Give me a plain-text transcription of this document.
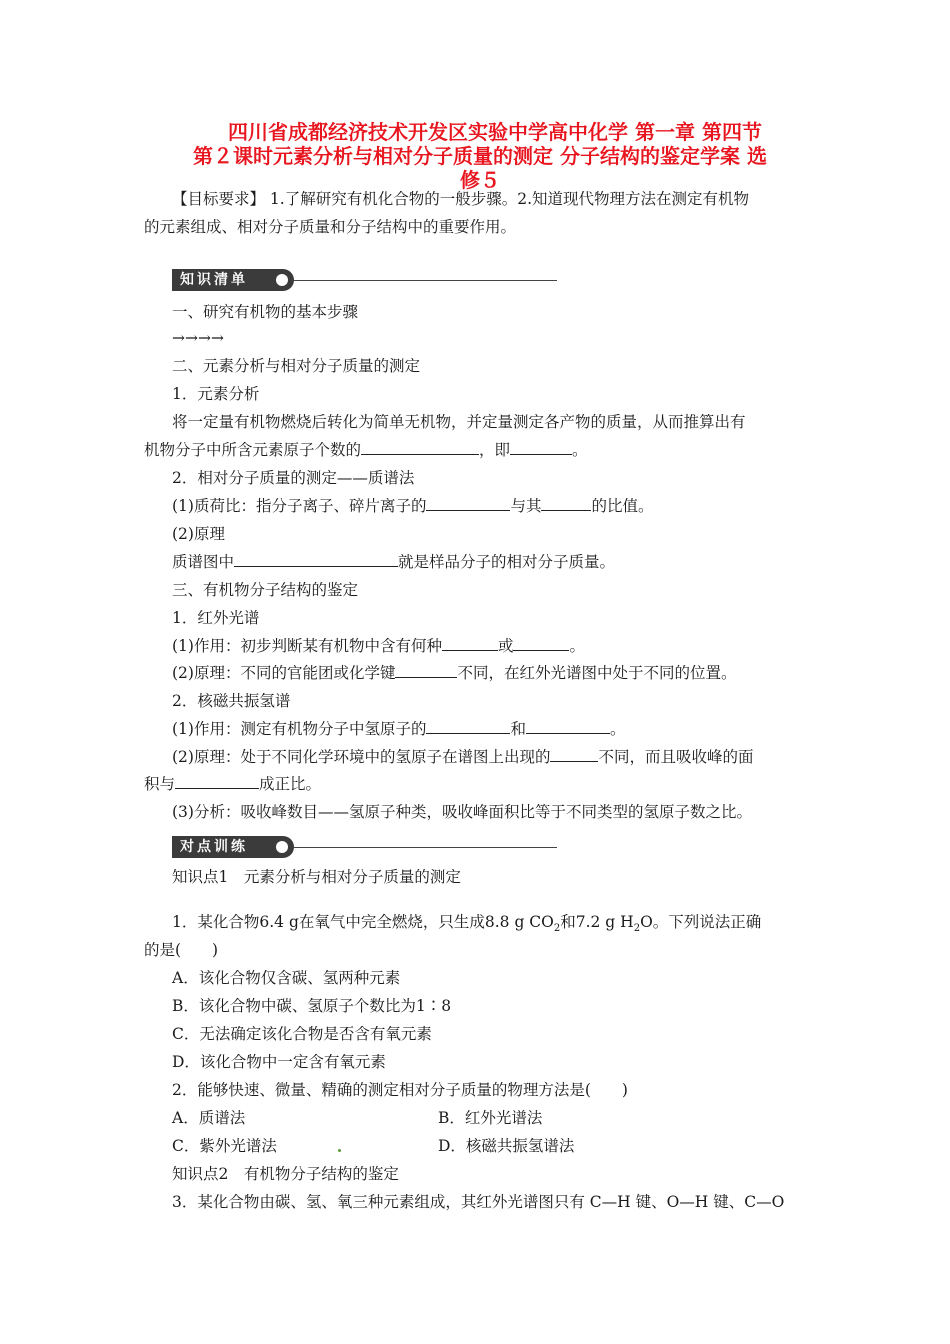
四川省成都经济技术开发区实验中学高中化学 第一章 第四节
第２课时元素分析与相对分子质量的测定 分子结构的鉴定学案 选
修５
【目标要求】 1.了解研究有机化合物的一般步骤。2.知道现代物理方法在测定有机物
的元素组成、相对分子质量和分子结构中的重要作用。
知识清单
一、研究有机物的基本步骤
→→→→
二、元素分析与相对分子质量的测定
1．元素分析
将一定量有机物燃烧后转化为简单无机物，并定量测定各产物的质量，从而推算出有
机物分子中所含元素原子个数的	，即	。
2．相对分子质量的测定——质谱法
(1)质荷比：指分子离子、碎片离子的	与其	的比值。
(2)原理
质谱图中	就是样品分子的相对分子质量。
三、有机物分子结构的鉴定
1．红外光谱
(1)作用：初步判断某有机物中含有何种	或	。
(2)原理：不同的官能团或化学键	不同，在红外光谱图中处于不同的位置。
2．核磁共振氢谱
(1)作用：测定有机物分子中氢原子的	和	。
(2)原理：处于不同化学环境中的氢原子在谱图上出现的	不同，而且吸收峰的面
积与	成正比。
(3)分析：吸收峰数目——氢原子种类，吸收峰面积比等于不同类型的氢原子数之比。
对点训练
知识点1　元素分析与相对分子质量的测定
1．某化合物6.4 g在氧气中完全燃烧，只生成8.8 g $CO_2$和7.2 g $H_2O$。下列说法正确
的是(　　)
A．该化合物仅含碳、氢两种元素
B．该化合物中碳、氢原子个数比为1∶8
C．无法确定该化合物是否含有氧元素
D．该化合物中一定含有氧元素
2．能够快速、微量、精确的测定相对分子质量的物理方法是(　　)
A．质谱法	B．红外光谱法
C．紫外光谱法	D．核磁共振氢谱法
知识点2　有机物分子结构的鉴定
3．某化合物由碳、氢、氧三种元素组成，其红外光谱图只有 C—H 键、O—H 键、C—O
